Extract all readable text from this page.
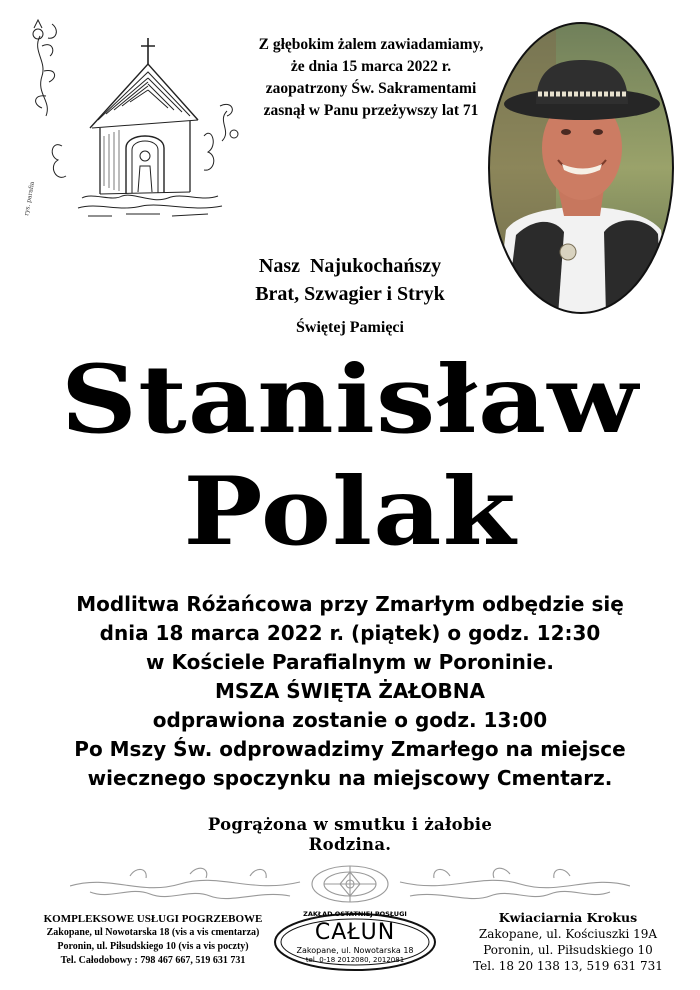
rys. parafia
Z głębokim żalem zawiadamiamy,
że dnia 15 marca 2022 r.
zaopatrzony Św. Sakramentami
zasnął w Panu przeżywszy lat 71
Nasz  Najukochańszy
Brat, Szwagier i Stryk
Świętej Pamięci
Stanisław
Polak
Modlitwa Różańcowa przy Zmarłym odbędzie się
dnia 18 marca 2022 r. (piątek) o godz. 12:30
w Kościele Parafialnym w Poroninie.
MSZA ŚWIĘTA ŻAŁOBNA
odprawiona zostanie o godz. 13:00
Po Mszy Św. odprowadzimy Zmarłego na miejsce
wiecznego spoczynku na miejscowy Cmentarz.
Pogrążona w smutku i żałobie
Rodzina.
KOMPLEKSOWE USŁUGI POGRZEBOWE
Zakopane, ul Nowotarska 18 (vis a vis cmentarza)
Poronin, ul. Piłsudskiego 10 (vis a vis poczty)
Tel. Całodobowy : 798 467 667, 519 631 731
ZAKŁAD OSTATNIEJ POSŁUGI
CAŁUN
Zakopane, ul. Nowotarska 18
tel. 0-18 2012080, 2012081
Kwiaciarnia Krokus
Zakopane, ul. Kościuszki 19A
Poronin, ul. Piłsudskiego 10
Tel. 18 20 138 13, 519 631 731
